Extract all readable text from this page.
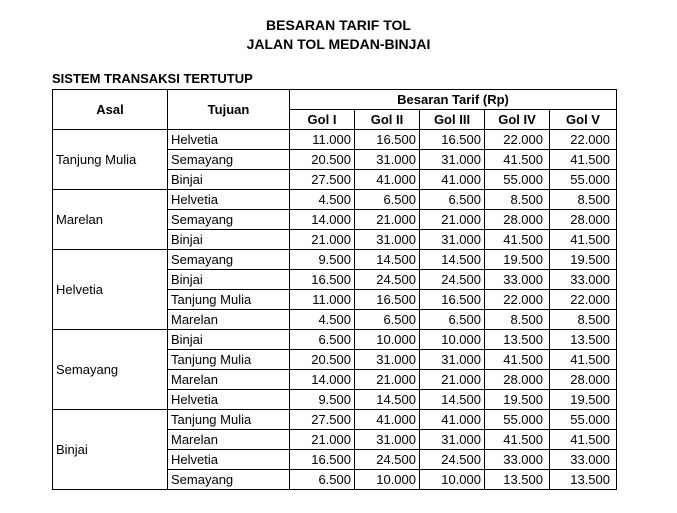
BESARAN TARIF TOL
JALAN TOL MEDAN-BINJAI
SISTEM TRANSAKSI TERTUTUP
Asal	Tujuan	Besaran Tarif (Rp)				
		Gol I	Gol II	Gol III	Gol IV	Gol V
Tanjung Mulia	Helvetia	11.000	16.500	16.500	22.000	22.000
	Semayang	20.500	31.000	31.000	41.500	41.500
	Binjai	27.500	41.000	41.000	55.000	55.000
Marelan	Helvetia	4.500	6.500	6.500	8.500	8.500
	Semayang	14.000	21.000	21.000	28.000	28.000
	Binjai	21.000	31.000	31.000	41.500	41.500
Helvetia	Semayang	9.500	14.500	14.500	19.500	19.500
	Binjai	16.500	24.500	24.500	33.000	33.000
	Tanjung Mulia	11.000	16.500	16.500	22.000	22.000
	Marelan	4.500	6.500	6.500	8.500	8.500
Semayang	Binjai	6.500	10.000	10.000	13.500	13.500
	Tanjung Mulia	20.500	31.000	31.000	41.500	41.500
	Marelan	14.000	21.000	21.000	28.000	28.000
	Helvetia	9.500	14.500	14.500	19.500	19.500
Binjai	Tanjung Mulia	27.500	41.000	41.000	55.000	55.000
	Marelan	21.000	31.000	31.000	41.500	41.500
	Helvetia	16.500	24.500	24.500	33.000	33.000
	Semayang	6.500	10.000	10.000	13.500	13.500
